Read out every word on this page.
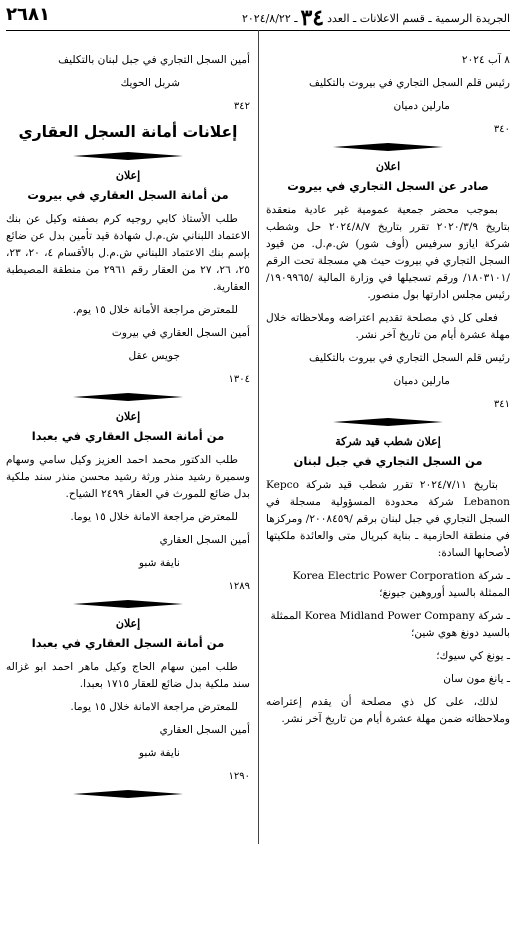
الجريدة الرسمية ـ قسم الاعلانات ـ العدد
٣٤
ـ ٢٠٢٤/٨/٢٢
٢٦٨١

٨ آب ٢٠٢٤

رئيس قلم السجل التجاري في بيروت بالتكليف

مارلين دميان

٣٤٠

اعلان

صادر عن السجل التجاري في بيروت

بموجب محضر جمعية عمومية غير عادية منعقدة بتاريخ ٢٠٢٠/٣/٩ تقرر بتاريخ ٢٠٢٤/٨/٧ حل وشطب شركة ايازو سرفيس (أوف شور) ش.م.ل. من قيود السجل التجاري في بيروت حيث هي مسجلة تحت الرقم /١٨٠٣١٠١/ ورقم تسجيلها في وزارة المالية /١٩٠٩٩٦٥/ رئيس مجلس ادارتها بول منصور.

فعلى كل ذي مصلحة تقديم اعتراضه وملاحظاته خلال مهلة عشرة أيام من تاريخ آخر نشر.

رئيس قلم السجل التجاري في بيروت بالتكليف

مارلين دميان

٣٤١

إعلان شطب قيد شركة

من السجل التجاري في جبل لبنان

بتاريخ ٢٠٢٤/٧/١١ تقرر شطب قيد شركة Kepco Lebanon شركة محدودة المسؤولية مسجلة في السجل التجاري في جبل لبنان برقم /٢٠٠٨٤٥٩/ ومركزها في منطقة الحازمية ـ بناية كبريال متى والعائدة ملكيتها لأصحابها السادة:

ـ شركة Korea Electric Power Corporation الممثلة بالسيد أوروهين جيونغ؛

ـ شركة Korea Midland Power Company الممثلة بالسيد دونغ هوي شين؛

ـ يونغ كي سيوك؛

ـ يانغ مون سان

لذلك، على كل ذي مصلحة أن يقدم إعتراضه وملاحظاته ضمن مهلة عشرة أيام من تاريخ آخر نشر.

أمين السجل التجاري في جبل لبنان بالتكليف

شربل الحويك

٣٤٢

إعلانات أمانة السجل العقاري

إعلان

من أمانة السجل العقاري في بيروت

طلب الأستاذ كابي روجيه كرم بصفته وكيل عن بنك الاعتماد اللبناني ش.م.ل شهادة قيد تأمين بدل عن ضائع بإسم بنك الاعتماد اللبناني ش.م.ل بالأقسام ٤، ٢٠، ٢٣، ٢٥، ٢٦، ٢٧ من العقار رقم ٢٩٦١ من منطقة المصيطبة العقارية.

للمعترض مراجعة الأمانة خلال ١٥ يوم.

أمين السجل العقاري في بيروت

جويس عقل

١٣٠٤

إعلان

من أمانة السجل العقاري في بعبدا

طلب الدكتور محمد احمد العزيز وكيل سامي وسهام وسميرة رشيد منذر ورثة رشيد محسن منذر سند ملكية بدل ضائع للمورث في العقار ٢٤٩٩ الشياح.

للمعترض مراجعة الامانة خلال ١٥ يوما.

أمين السجل العقاري

نايفة شبو

١٢٨٩

إعلان

من أمانة السجل العقاري في بعبدا

طلب امين سهام الحاج وكيل ماهر احمد ابو غزاله سند ملكية بدل ضائع للعقار ١٧١٥ بعبدا.

للمعترض مراجعة الامانة خلال ١٥ يوما.

أمين السجل العقاري

نايفة شبو

١٢٩٠
